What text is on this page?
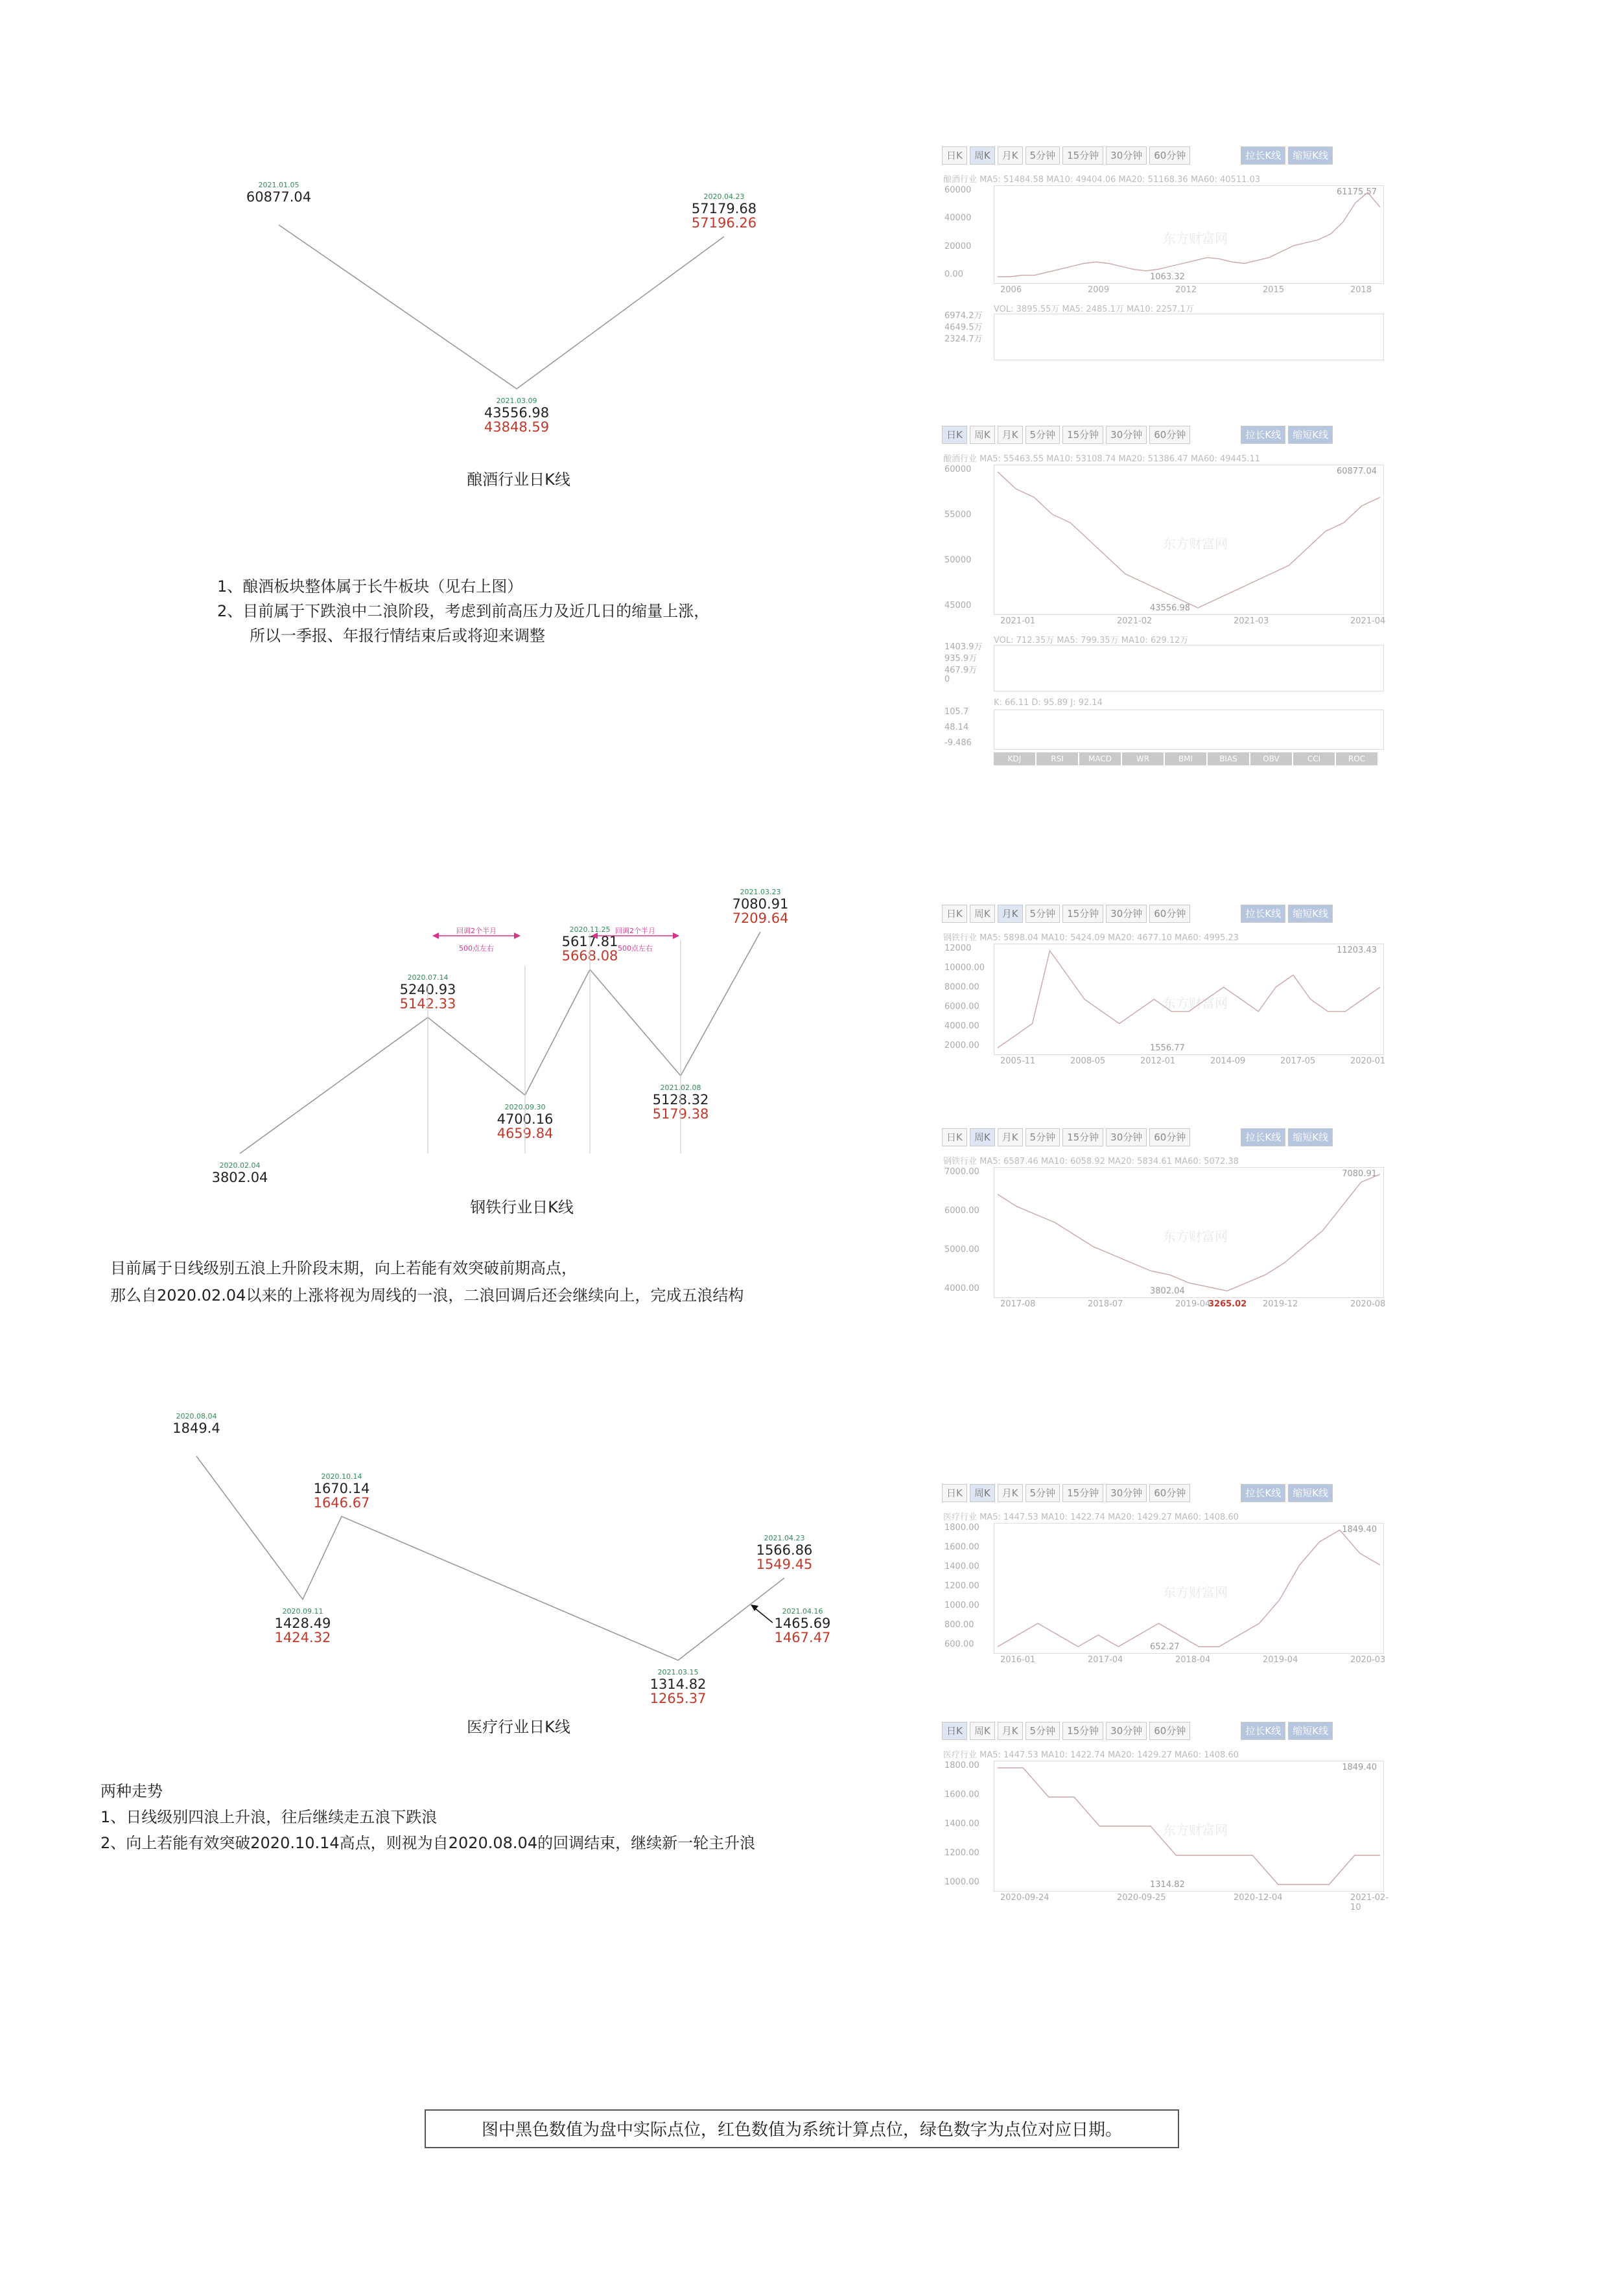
2021.01.05
60877.04
2021.03.09
43556.98
43848.59
2020.04.23
57179.68
57196.26
酿酒行业日K线
1、酿酒板块整体属于长牛板块（见右上图）
2、目前属于下跌浪中二浪阶段，考虑到前高压力及近几日的缩量上涨，
所以一季报、年报行情结束后或将迎来调整
2020.02.04
3802.04
2020.07.14
5240.93
5142.33
2020.09.30
4700.16
4659.84
2020.11.25
5617.81
5668.08
2021.02.08
5128.32
5179.38
2021.03.23
7080.91
7209.64
回调2个半月
500点左右
回调2个半月
500点左右
钢铁行业日K线
目前属于日线级别五浪上升阶段末期，向上若能有效突破前期高点，
那么自2020.02.04以来的上涨将视为周线的一浪，二浪回调后还会继续向上，完成五浪结构
2020.08.04
1849.4
2020.09.11
1428.49
1424.32
2020.10.14
1670.14
1646.67
2021.03.15
1314.82
1265.37
2021.04.23
1566.86
1549.45
2021.04.16
1465.69
1467.47
医疗行业日K线
两种走势
1、日线级别四浪上升浪，往后继续走五浪下跌浪
2、向上若能有效突破2020.10.14高点，则视为自2020.08.04的回调结束，继续新一轮主升浪
日K	周K	月K	5分钟	15分钟	30分钟	60分钟	拉长K线	缩短K线
酿酒行业 MA5: 51484.58 MA10: 49404.06 MA20: 51168.36 MA60: 40511.03
东方财富网
61175.57
1063.32
60000
40000
20000
0.00
2006	2009	2012	2015	2018
VOL: 3895.55万 MA5: 2485.1万 MA10: 2257.1万
6974.2万
4649.5万
2324.7万
日K	周K	月K	5分钟	15分钟	30分钟	60分钟	拉长K线	缩短K线
酿酒行业 MA5: 55463.55 MA10: 53108.74 MA20: 51386.47 MA60: 49445.11
东方财富网
60877.04
43556.98
60000
55000
50000
45000
2021-01	2021-02	2021-03	2021-04
VOL: 712.35万 MA5: 799.35万 MA10: 629.12万
1403.9万
935.9万
467.9万
0
K: 66.11 D: 95.89 J: 92.14
105.7
48.14
-9.486
KDJ	RSI	MACD	WR	BMI	BIAS	OBV	CCI	ROC
日K	周K	月K	5分钟	15分钟	30分钟	60分钟	拉长K线	缩短K线
钢铁行业 MA5: 5898.04 MA10: 5424.09 MA20: 4677.10 MA60: 4995.23
东方财富网
11203.43
1556.77
12000
10000.00
8000.00
6000.00
4000.00
2000.00
2005-11	2008-05	2012-01	2014-09	2017-05	2020-01
日K	周K	月K	5分钟	15分钟	30分钟	60分钟	拉长K线	缩短K线
钢铁行业 MA5: 6587.46 MA10: 6058.92 MA20: 5834.61 MA60: 5072.38
东方财富网
7080.91
3802.04
3265.02
7000.00
6000.00
5000.00
4000.00
2017-08	2018-07	2019-04	2019-12	2020-08
日K	周K	月K	5分钟	15分钟	30分钟	60分钟	拉长K线	缩短K线
医疗行业 MA5: 1447.53 MA10: 1422.74 MA20: 1429.27 MA60: 1408.60
东方财富网
1849.40
652.27
1800.00
1600.00
1400.00
1200.00
1000.00
800.00
600.00
2016-01	2017-04	2018-04	2019-04	2020-03
日K	周K	月K	5分钟	15分钟	30分钟	60分钟	拉长K线	缩短K线
医疗行业 MA5: 1447.53 MA10: 1422.74 MA20: 1429.27 MA60: 1408.60
东方财富网
1849.40
1314.82
1800.00
1600.00
1400.00
1200.00
1000.00
2020-09-24	2020-09-25	2020-12-04	2021-02-10
图中黑色数值为盘中实际点位，红色数值为系统计算点位，绿色数字为点位对应日期。
